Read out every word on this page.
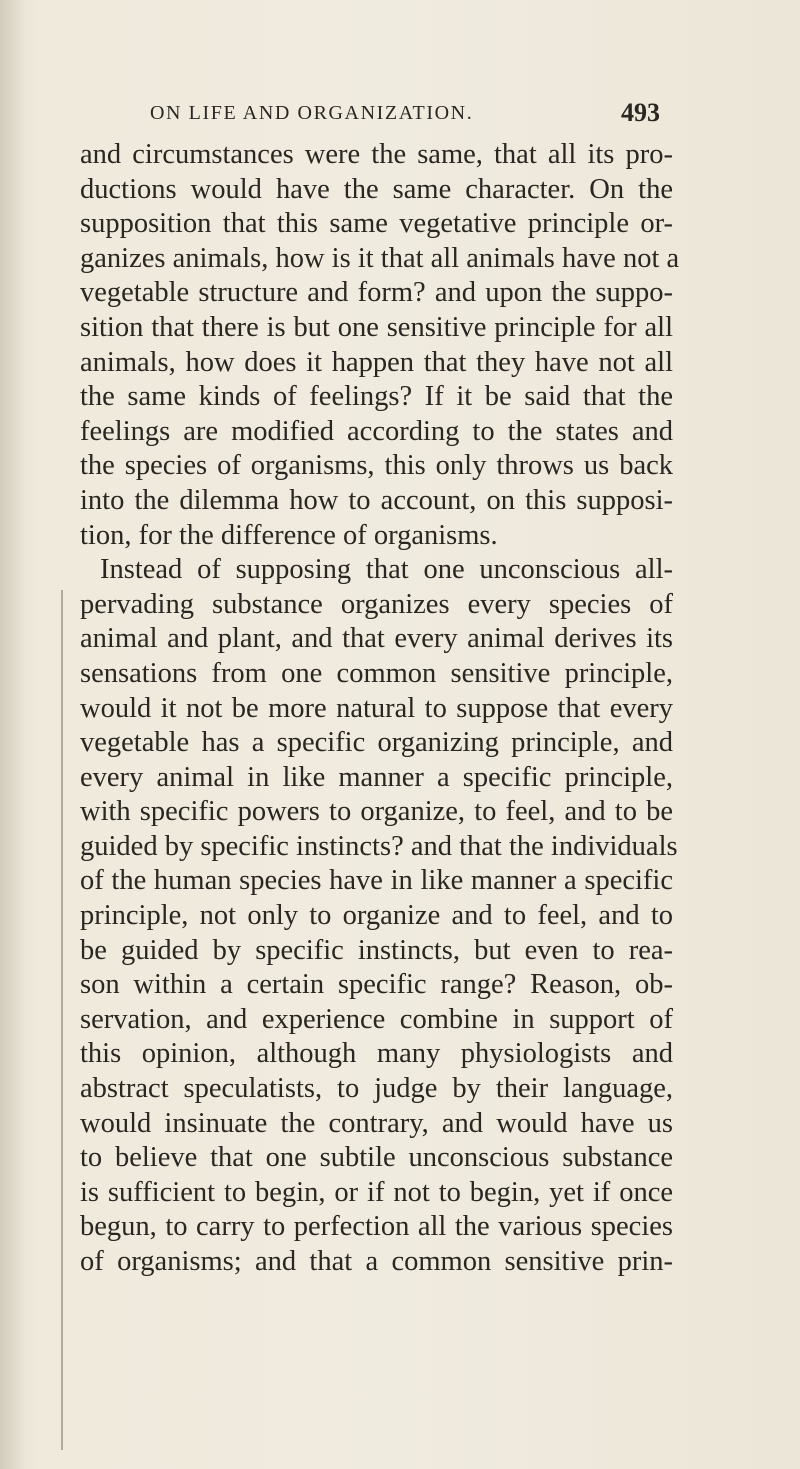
ON LIFE AND ORGANIZATION.	493
and circumstances were the same, that all its pro-
ductions would have the same character. On the
supposition that this same vegetative principle or-
ganizes animals, how is it that all animals have not a
vegetable structure and form? and upon the suppo-
sition that there is but one sensitive principle for all
animals, how does it happen that they have not all
the same kinds of feelings? If it be said that the
feelings are modified according to the states and
the species of organisms, this only throws us back
into the dilemma how to account, on this supposi-
tion, for the difference of organisms.
Instead of supposing that one unconscious all-
pervading substance organizes every species of
animal and plant, and that every animal derives its
sensations from one common sensitive principle,
would it not be more natural to suppose that every
vegetable has a specific organizing principle, and
every animal in like manner a specific principle,
with specific powers to organize, to feel, and to be
guided by specific instincts? and that the individuals
of the human species have in like manner a specific
principle, not only to organize and to feel, and to
be guided by specific instincts, but even to rea-
son within a certain specific range? Reason, ob-
servation, and experience combine in support of
this opinion, although many physiologists and
abstract speculatists, to judge by their language,
would insinuate the contrary, and would have us
to believe that one subtile unconscious substance
is sufficient to begin, or if not to begin, yet if once
begun, to carry to perfection all the various species
of organisms; and that a common sensitive prin-
